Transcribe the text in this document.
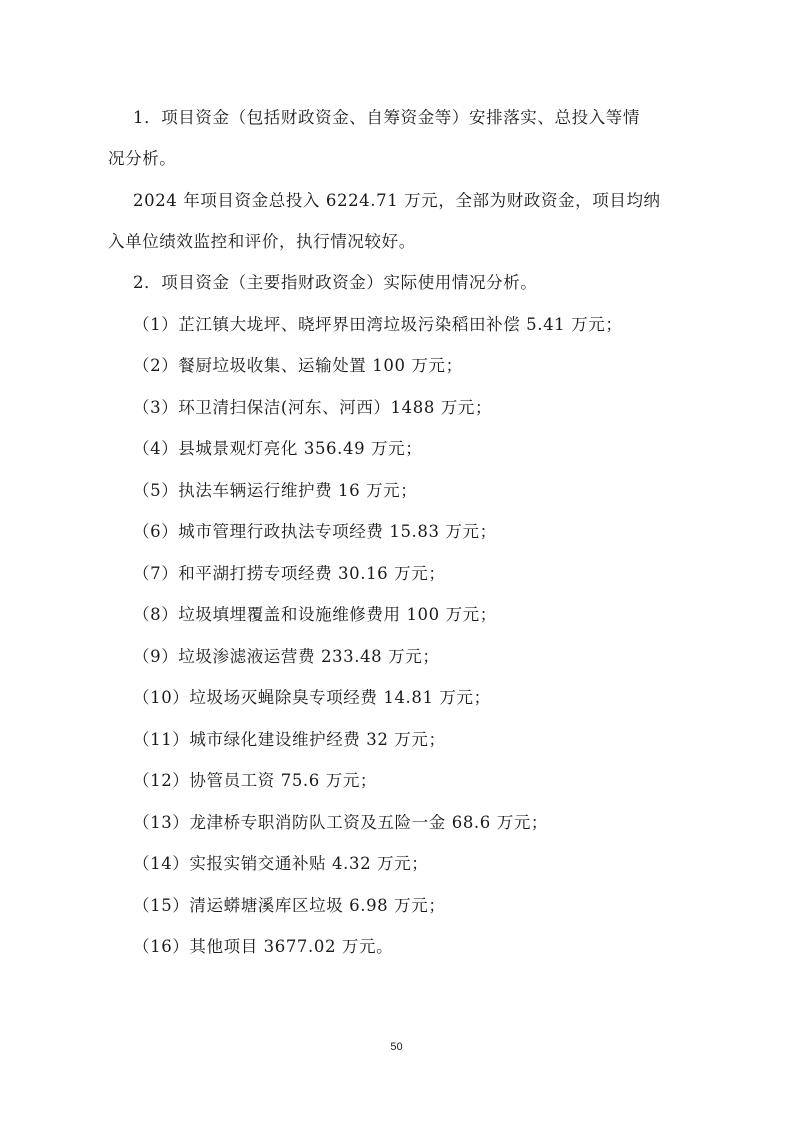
1．项目资金（包括财政资金、自筹资金等）安排落实、总投入等情
况分析。
2024 年项目资金总投入 6224.71 万元，全部为财政资金，项目均纳
入单位绩效监控和评价，执行情况较好。
2．项目资金（主要指财政资金）实际使用情况分析。
（1）芷江镇大垅坪、晓坪界田湾垃圾污染稻田补偿 5.41 万元；
（2）餐厨垃圾收集、运输处置 100 万元；
（3）环卫清扫保洁(河东、河西）1488 万元；
（4）县城景观灯亮化 356.49 万元；
（5）执法车辆运行维护费 16 万元；
（6）城市管理行政执法专项经费 15.83 万元；
（7）和平湖打捞专项经费 30.16 万元；
（8）垃圾填埋覆盖和设施维修费用 100 万元；
（9）垃圾渗滤液运营费 233.48 万元；
（10）垃圾场灭蝇除臭专项经费 14.81 万元；
（11）城市绿化建设维护经费 32 万元；
（12）协管员工资 75.6 万元；
（13）龙津桥专职消防队工资及五险一金 68.6 万元；
（14）实报实销交通补贴 4.32 万元；
（15）清运蟒塘溪库区垃圾 6.98 万元；
（16）其他项目 3677.02 万元。
50
